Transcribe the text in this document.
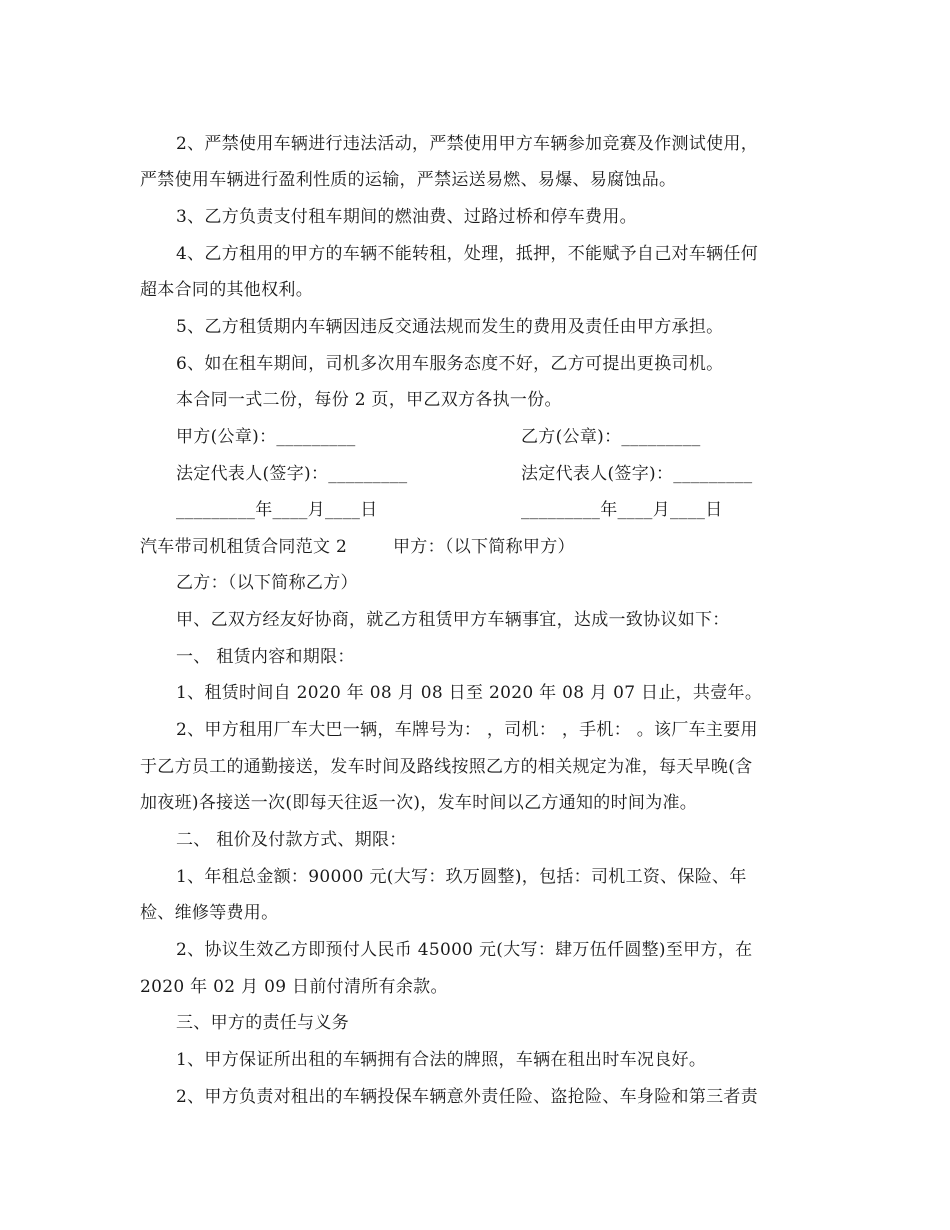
2、严禁使用车辆进行违法活动，严禁使用甲方车辆参加竞赛及作测试使用，
严禁使用车辆进行盈利性质的运输，严禁运送易燃、易爆、易腐蚀品。
3、乙方负责支付租车期间的燃油费、过路过桥和停车费用。
4、乙方租用的甲方的车辆不能转租，处理，抵押，不能赋予自己对车辆任何
超本合同的其他权利。
5、乙方租赁期内车辆因违反交通法规而发生的费用及责任由甲方承担。
6、如在租车期间，司机多次用车服务态度不好，乙方可提出更换司机。
本合同一式二份，每份 2 页，甲乙双方各执一份。
甲方(公章)：_________	乙方(公章)：_________
法定代表人(签字)：_________	法定代表人(签字)：_________
_________年____月____日	_________年____月____日
汽车带司机租赁合同范文 2	甲方：（以下简称甲方）
乙方：（以下简称乙方）
甲、乙双方经友好协商，就乙方租赁甲方车辆事宜，达成一致协议如下：
一、 租赁内容和期限：
1、租赁时间自 2020 年 08 月 08 日至 2020 年 08 月 07 日止，共壹年。
2、甲方租用厂车大巴一辆，车牌号为： ，司机： ，手机： 。该厂车主要用
于乙方员工的通勤接送，发车时间及路线按照乙方的相关规定为准，每天早晚(含
加夜班)各接送一次(即每天往返一次)，发车时间以乙方通知的时间为准。
二、 租价及付款方式、期限：
1、年租总金额：90000 元(大写：玖万圆整)，包括：司机工资、保险、年
检、维修等费用。
2、协议生效乙方即预付人民币 45000 元(大写：肆万伍仟圆整)至甲方，在
2020 年 02 月 09 日前付清所有余款。
三、甲方的责任与义务
1、甲方保证所出租的车辆拥有合法的牌照，车辆在租出时车况良好。
2、甲方负责对租出的车辆投保车辆意外责任险、盗抢险、车身险和第三者责
